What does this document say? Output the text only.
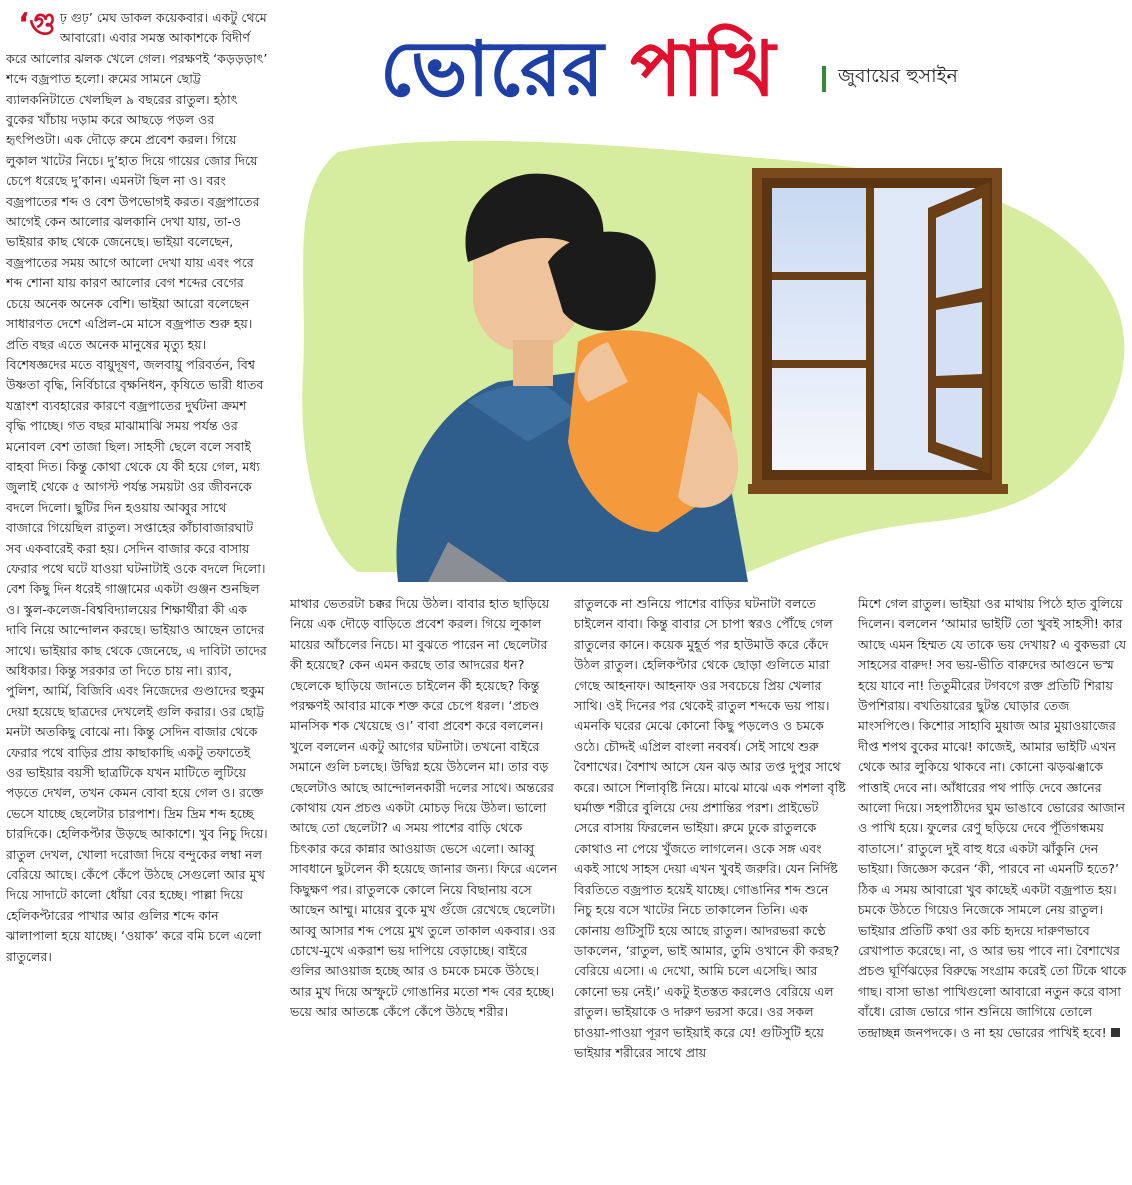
ভোরের পাখি	জুবায়ের হুসাইন
‘গু ঢ় গুঢ়’ মেঘ ডাকল কয়েকবার। একটু থেমে আবারো। এবার সমস্ত আকাশকে বিদীর্ণ করে আলোর ঝলক খেলে গেল। পরক্ষণই ‘কড়ড়ড়াৎ’ শব্দে বজ্রপাত হলো। রুমের সামনে ছোট্ট ব্যালকনিটাতে খেলছিল ৯ বছরের রাতুল। হঠাৎ বুকের খাঁচায় দড়াম করে আছড়ে পড়ল ওর হৃৎপিণ্ডটা। এক দৌড়ে রুমে প্রবেশ করল। গিয়ে লুকাল খাটের নিচে। দু’হাত দিয়ে গায়ের জোর দিয়ে চেপে ধরেছে দু’কান। এমনটা ছিল না ও। বরং বজ্রপাতের শব্দ ও বেশ উপভোগই করত। বজ্রপাতের আগেই কেন আলোর ঝলকানি দেখা যায়, তা-ও ভাইয়ার কাছ থেকে জেনেছে। ভাইয়া বলেছেন, বজ্রপাতের সময় আগে আলো দেখা যায় এবং পরে শব্দ শোনা যায় কারণ আলোর বেগ শব্দের বেগের চেয়ে অনেক অনেক বেশি। ভাইয়া আরো বলেছেন সাধারণত দেশে এপ্রিল-মে মাসে বজ্রপাত শুরু হয়। প্রতি বছর এতে অনেক মানুষের মৃত্যু হয়। বিশেষজ্ঞদের মতে বায়ুদূষণ, জলবায়ু পরিবর্তন, বিশ্ব উষ্ণতা বৃদ্ধি, নির্বিচারে বৃক্ষনিধন, কৃষিতে ভারী ধাতব যন্ত্রাংশ ব্যবহারের কারণে বজ্রপাতের দুর্ঘটনা ক্রমশ বৃদ্ধি পাচ্ছে। গত বছর মাঝামাঝি সময় পর্যন্ত ওর মনোবল বেশ তাজা ছিল। সাহসী ছেলে বলে সবাই বাহবা দিত। কিন্তু কোথা থেকে যে কী হয়ে গেল, মধ্য জুলাই থেকে ৫ আগস্ট পর্যন্ত সময়টা ওর জীবনকে বদলে দিলো। ছুটির দিন হওয়ায় আব্বুর সাথে বাজারে গিয়েছিল রাতুল। সপ্তাহের কাঁচাবাজারঘাট সব একবারেই করা হয়। সেদিন বাজার করে বাসায় ফেরার পথে ঘটে যাওয়া ঘটনাটাই ওকে বদলে দিলো। বেশ কিছু দিন ধরেই গাঞ্জামের একটা গুঞ্জন শুনছিল ও। স্কুল-কলেজ-বিশ্ববিদ্যালয়ের শিক্ষার্থীরা কী এক দাবি নিয়ে আন্দোলন করছে। ভাইয়াও আছেন তাদের সাথে। ভাইয়ার কাছ থেকে জেনেছে, এ দাবিটা তাদের অধিকার। কিন্তু সরকার তা দিতে চায় না। র‍্যাব, পুলিশ, আর্মি, বিজিবি এবং নিজেদের গুণ্ডাদের হুকুম দেয়া হয়েছে ছাত্রদের দেখলেই গুলি করার। ওর ছোট্ট মনটা অতকিছু বোঝে না। কিন্তু সেদিন বাজার থেকে ফেরার পথে বাড়ির প্রায় কাছাকাছি একটু তফাতেই ওর ভাইয়ার বয়সী ছাত্রটিকে যখন মাটিতে লুটিয়ে পড়তে দেখল, তখন কেমন বোবা হয়ে গেল ও। রক্তে ভেসে যাচ্ছে ছেলেটার চারপাশ। দ্রিম দ্রিম শব্দ হচ্ছে চারদিকে। হেলিকপ্টার উড়ছে আকাশে। খুব নিচু দিয়ে। রাতুল দেখল, খোলা দরোজা দিয়ে বন্দুকের লম্বা নল বেরিয়ে আছে। কেঁপে কেঁপে উঠছে সেগুলো আর মুখ দিয়ে সাদাটে কালো ধোঁয়া বের হচ্ছে। পাল্লা দিয়ে হেলিকপ্টারের পাখার আর গুলির শব্দে কান ঝালাপালা হয়ে যাচ্ছে। ‘ওয়াক’ করে বমি চলে এলো রাতুলের।
মাথার ভেতরটা চক্কর দিয়ে উঠল। বাবার হাত ছাড়িয়ে নিয়ে এক দৌড়ে বাড়িতে প্রবেশ করল। গিয়ে লুকাল মায়ের আঁচলের নিচে। মা বুঝতে পারেন না ছেলেটার কী হয়েছে? কেন এমন করছে তার আদরের ধন? ছেলেকে ছাড়িয়ে জানতে চাইলেন কী হয়েছে? কিন্তু পরক্ষণই আবার মাকে শক্ত করে চেপে ধরল। ‘প্রচণ্ড মানসিক শক খেয়েছে ও।’ বাবা প্রবেশ করে বললেন। খুলে বললেন একটু আগের ঘটনাটা। তখনো বাইরে সমানে গুলি চলছে। উদ্বিগ্ন হয়ে উঠলেন মা। তার বড় ছেলেটাও আছে আন্দোলনকারী দলের সাথে। অন্তরের কোথায় যেন প্রচণ্ড একটা মোচড় দিয়ে উঠল। ভালো আছে তো ছেলেটা? এ সময় পাশের বাড়ি থেকে চিৎকার করে কান্নার আওয়াজ ভেসে এলো। আব্বু সাবধানে ছুটলেন কী হয়েছে জানার জন্য। ফিরে এলেন কিছুক্ষণ পর। রাতুলকে কোলে নিয়ে বিছানায় বসে আছেন আম্মু। মায়ের বুকে মুখ গুঁজে রেখেছে ছেলেটা। আব্বু আসার শব্দ পেয়ে মুখ তুলে তাকাল একবার। ওর চোখে-মুখে একরাশ ভয় দাপিয়ে বেড়াচ্ছে। বাইরে গুলির আওয়াজ হচ্ছে আর ও চমকে চমকে উঠছে। আর মুখ দিয়ে অস্ফুটে গোঙানির মতো শব্দ বের হচ্ছে। ভয়ে আর আতঙ্কে কেঁপে কেঁপে উঠছে শরীর।
রাতুলকে না শুনিয়ে পাশের বাড়ির ঘটনাটা বলতে চাইলেন বাবা। কিন্তু বাবার সে চাপা স্বরও পৌঁছে গেল রাতুলের কানে। কয়েক মুহূর্ত পর হাউমাউ করে কেঁদে উঠল রাতুল। হেলিকপ্টার থেকে ছোড়া গুলিতে মারা গেছে আহনাফ। আহনাফ ওর সবচেয়ে প্রিয় খেলার সাথি। ওই দিনের পর থেকেই রাতুল শব্দকে ভয় পায়। এমনকি ঘরের মেঝে কোনো কিছু পড়লেও ও চমকে ওঠে। চৌদ্দই এপ্রিল বাংলা নববর্ষ। সেই সাথে শুরু বৈশাখের। বৈশাখ আসে যেন ঝড় আর তপ্ত দুপুর সাথে করে। আসে শিলাবৃষ্টি নিয়ে। মাঝে মাঝে এক পশলা বৃষ্টি ঘর্মাক্ত শরীরে বুলিয়ে দেয় প্রশান্তির পরশ। প্রাইভেট সেরে বাসায় ফিরলেন ভাইয়া। রুমে ঢুকে রাতুলকে কোথাও না পেয়ে খুঁজতে লাগলেন। ওকে সঙ্গ এবং একই সাথে সাহস দেয়া এখন খুবই জরুরি। যেন নির্দিষ্ট বিরতিতে বজ্রপাত হয়েই যাচ্ছে। গোঙানির শব্দ শুনে নিচু হয়ে বসে খাটের নিচে তাকালেন তিনি। এক কোনায় গুটিসুটি হয়ে আছে রাতুল। আদরভরা কণ্ঠে ডাকলেন, ‘রাতুল, ভাই আমার, তুমি ওখানে কী করছ? বেরিয়ে এসো। এ দেখো, আমি চলে এসেছি। আর কোনো ভয় নেই।’ একটু ইতস্তত করলেও বেরিয়ে এল রাতুল। ভাইয়াকে ও দারুণ ভরসা করে। ওর সকল চাওয়া-পাওয়া পূরণ ভাইয়াই করে যে! গুটিসুটি হয়ে ভাইয়ার শরীরের সাথে প্রায়
মিশে গেল রাতুল। ভাইয়া ওর মাথায় পিঠে হাত বুলিয়ে দিলেন। বললেন ‘আমার ভাইটি তো খুবই সাহসী! কার আছে এমন হিম্মত যে তাকে ভয় দেখায়? এ বুকভরা যে সাহসের বারুদ! সব ভয়-ভীতি বারুদের আগুনে ভস্ম হয়ে যাবে না! তিতুমীরের টগবগে রক্ত প্রতিটি শিরায় উপশিরায়। বখতিয়ারের ছুটন্ত ঘোড়ার তেজ মাংসপিণ্ডে। কিশোর সাহাবি মুয়াজ আর মুয়াওয়াজের দীপ্ত শপথ বুকের মাঝে! কাজেই, আমার ভাইটি এখন থেকে আর লুকিয়ে থাকবে না। কোনো ঝড়ঝঞ্ঝাকে পাত্তাই দেবে না। আঁধারের পথ পাড়ি দেবে জ্ঞানের আলো দিয়ে। সহপাঠীদের ঘুম ভাঙাবে ভোরের আজান ও পাখি হয়ে। ফুলের রেণু ছড়িয়ে দেবে পূঁতিগন্ধময় বাতাসে।’ রাতুলে দুই বাহু ধরে একটা ঝাঁকুনি দেন ভাইয়া। জিজ্ঞেস করেন ‘কী, পারবে না এমনটি হতে?’ ঠিক এ সময় আবারো খুব কাছেই একটা বজ্রপাত হয়। চমকে উঠতে গিয়েও নিজেকে সামলে নেয় রাতুল। ভাইয়ার প্রতিটি কথা ওর কচি হৃদয়ে দারুণভাবে রেখাপাত করেছে। না, ও আর ভয় পাবে না। বৈশাখের প্রচণ্ড ঘূর্ণিঝড়ের বিরুদ্ধে সংগ্রাম করেই তো টিকে থাকে গাছ। বাসা ভাঙা পাখিগুলো আবারো নতুন করে বাসা বাঁধে। রোজ ভোরে গান শুনিয়ে জাগিয়ে তোলে তন্দ্রাচ্ছন্ন জনপদকে। ও না হয় ভোরের পাখিই হবে!
